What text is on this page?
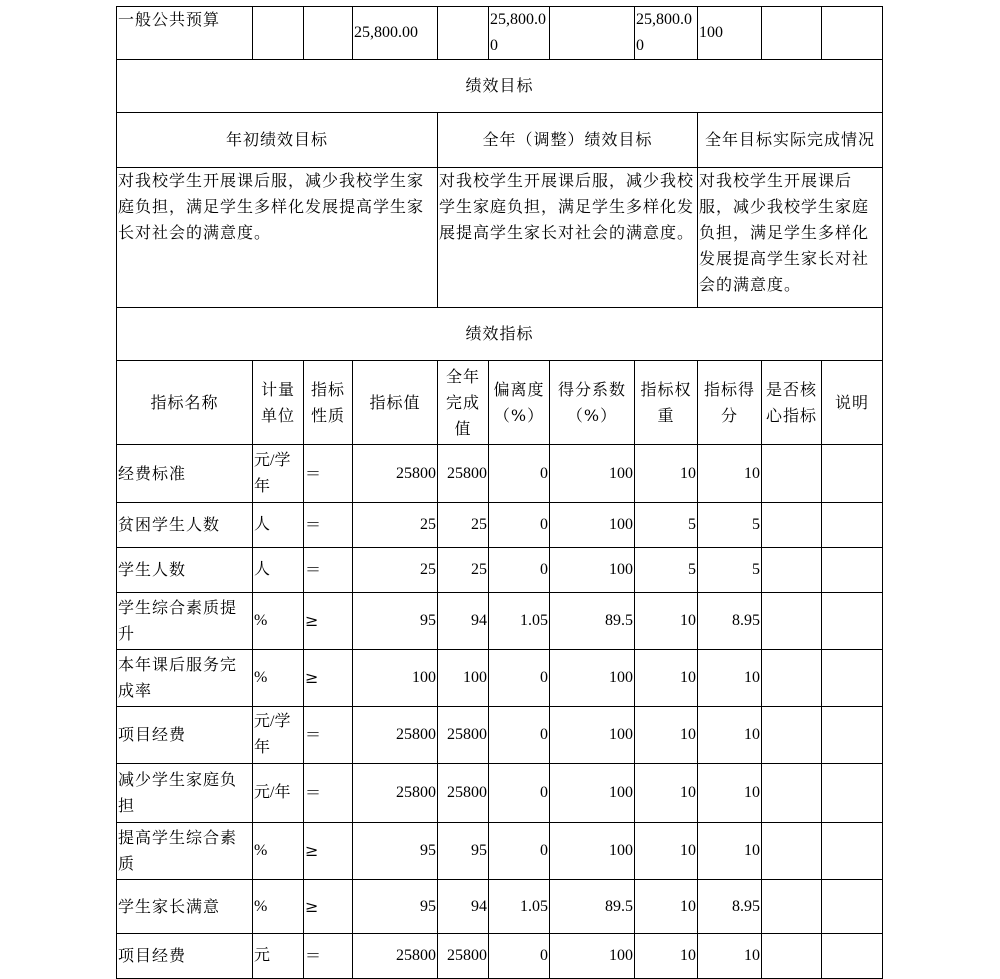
一般公共预算			25,800.00		25,800.00		25,800.00	100		
绩效目标										
年初绩效目标				全年（调整）绩效目标				全年目标实际完成情况		
对我校学生开展课后服，减少我校学生家庭负担，满足学生多样化发展提高学生家长对社会的满意度。				对我校学生开展课后服，减少我校学生家庭负担，满足学生多样化发展提高学生家长对社会的满意度。				对我校学生开展课后服，减少我校学生家庭负担，满足学生多样化发展提高学生家长对社会的满意度。		
绩效指标										
指标名称	计量单位	指标性质	指标值	全年完成值	偏离度（%）	得分系数（%）	指标权重	指标得分	是否核心指标	说明
经费标准	元/学年	＝	25800	25800	0	100	10	10		
贫困学生人数	人	＝	25	25	0	100	5	5		
学生人数	人	＝	25	25	0	100	5	5		
学生综合素质提升	%	≥	95	94	1.05	89.5	10	8.95		
本年课后服务完成率	%	≥	100	100	0	100	10	10		
项目经费	元/学年	＝	25800	25800	0	100	10	10		
减少学生家庭负担	元/年	＝	25800	25800	0	100	10	10		
提高学生综合素质	%	≥	95	95	0	100	10	10		
学生家长满意	%	≥	95	94	1.05	89.5	10	8.95		
项目经费	元	＝	25800	25800	0	100	10	10		
